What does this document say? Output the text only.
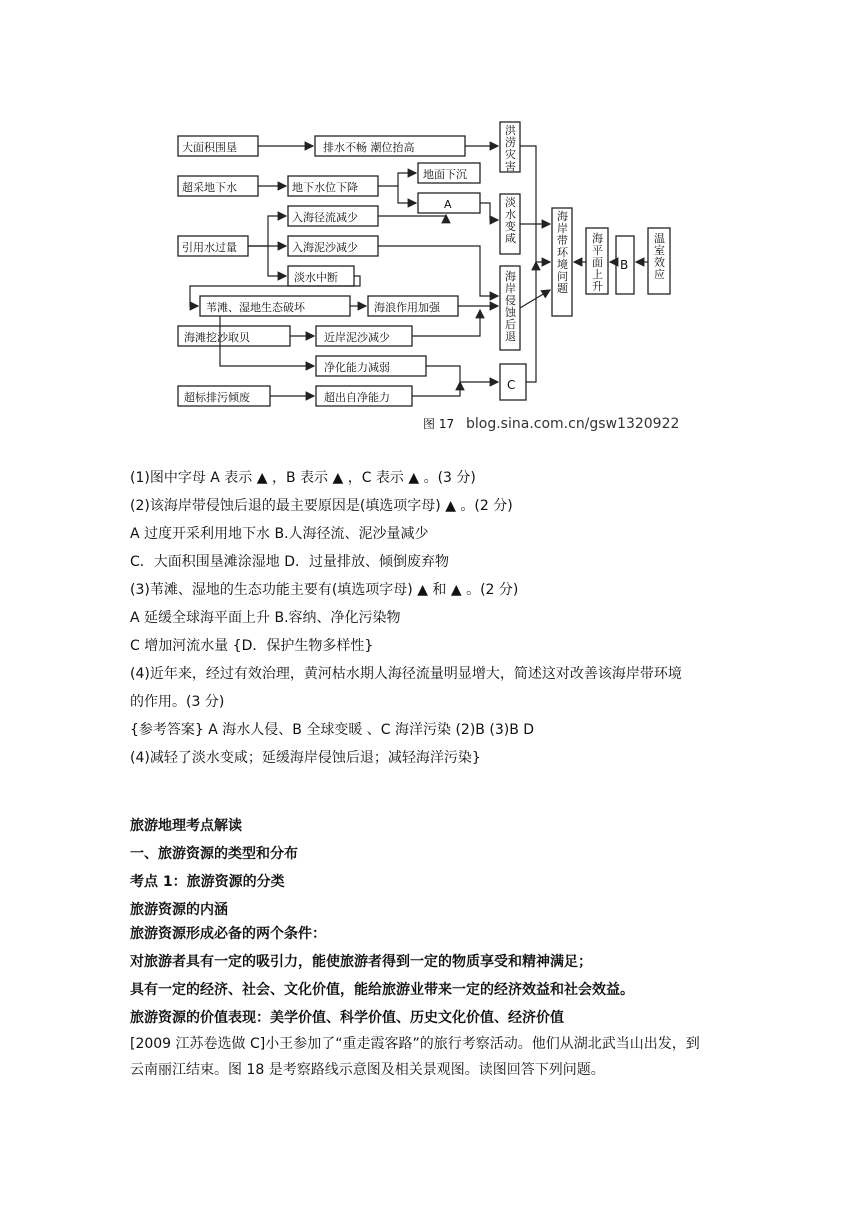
大面积围垦	排水不畅 潮位抬高
超采地下水	地下水位下降
地面下沉
A
入海径流减少
引用水过量	入海泥沙减少
淡水中断
苇滩、湿地生态破坏	海浪作用加强
海滩挖沙取贝	近岸泥沙减少
净化能力减弱
超标排污倾废	超出自净能力
C
B
图 17 blog.sina.com.cn/gsw1320922
洪涝灾害
淡水变咸
海岸侵蚀后退
海岸带环境问题
海平面上升
温室效应
(1)图中字母 A 表示 ▲ ，B 表示 ▲ ，C 表示 ▲ 。(3 分)
(2)该海岸带侵蚀后退的最主要原因是(填选项字母) ▲ 。(2 分)
A 过度开采利用地下水 B.人海径流、泥沙量减少
C．大面积围垦滩涂湿地 D．过量排放、倾倒废弃物
(3)苇滩、湿地的生态功能主要有(填选项字母) ▲ 和 ▲ 。(2 分)
A 延缓全球海平面上升 B.容纳、净化污染物
C 增加河流水量 {D．保护生物多样性}
(4)近年来，经过有效治理，黄河枯水期人海径流量明显增大，简述这对改善该海岸带环境
的作用。(3 分)
{参考答案} A 海水人侵、B 全球变暖 、C 海洋污染 (2)B (3)B D
(4)减轻了淡水变咸；延缓海岸侵蚀后退；减轻海洋污染}
旅游地理考点解读
一、旅游资源的类型和分布
考点 1：旅游资源的分类
旅游资源的内涵
旅游资源形成必备的两个条件：
对旅游者具有一定的吸引力，能使旅游者得到一定的物质享受和精神满足；
具有一定的经济、社会、文化价值，能给旅游业带来一定的经济效益和社会效益。
旅游资源的价值表现：美学价值、科学价值、历史文化价值、经济价值
[2009 江苏卷选做 C]小王参加了“重走霞客路”的旅行考察活动。他们从湖北武当山出发，到
云南丽江结束。图 18 是考察路线示意图及相关景观图。读图回答下列问题。
